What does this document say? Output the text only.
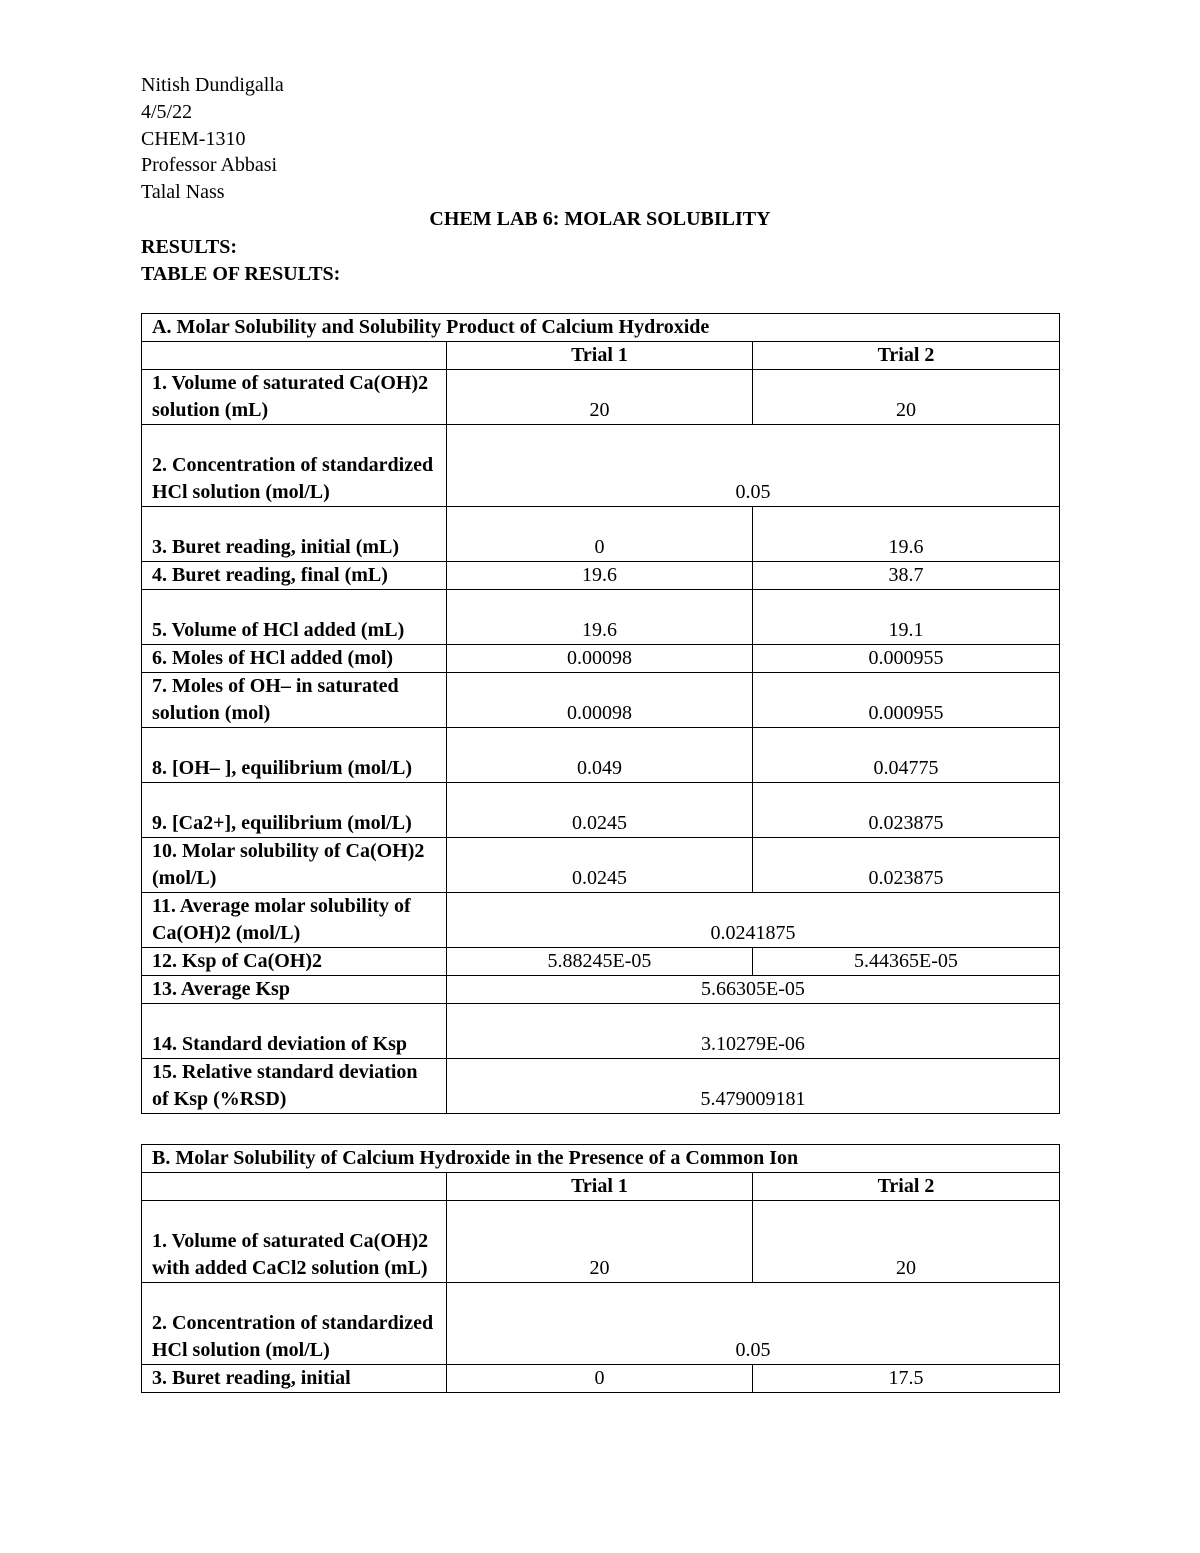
Nitish Dundigalla
4/5/22
CHEM-1310
Professor Abbasi
Talal Nass
CHEM LAB 6: MOLAR SOLUBILITY
RESULTS:
TABLE OF RESULTS:
A. Molar Solubility and Solubility Product of Calcium Hydroxide		
	Trial 1	Trial 2
1. Volume of saturated Ca(OH)2 solution (mL)	20	20
2. Concentration of standardized HCl solution (mol/L)	0.05	
3. Buret reading, initial (mL)	0	19.6
4. Buret reading, final (mL)	19.6	38.7
5. Volume of HCl added (mL)	19.6	19.1
6. Moles of HCl added (mol)	0.00098	0.000955
7. Moles of OH– in saturated solution (mol)	0.00098	0.000955
8. [OH– ], equilibrium (mol/L)	0.049	0.04775
9. [Ca2+], equilibrium (mol/L)	0.0245	0.023875
10. Molar solubility of Ca(OH)2 (mol/L)	0.0245	0.023875
11. Average molar solubility of Ca(OH)2 (mol/L)	0.0241875	
12. Ksp of Ca(OH)2	5.88245E-05	5.44365E-05
13. Average Ksp	5.66305E-05	
14. Standard deviation of Ksp	3.10279E-06	
15. Relative standard deviation of Ksp (%RSD)	5.479009181	
B. Molar Solubility of Calcium Hydroxide in the Presence of a Common Ion		
	Trial 1	Trial 2
1. Volume of saturated Ca(OH)2 with added CaCl2 solution (mL)	20	20
2. Concentration of standardized HCl solution (mol/L)	0.05	
3. Buret reading, initial	0	17.5
